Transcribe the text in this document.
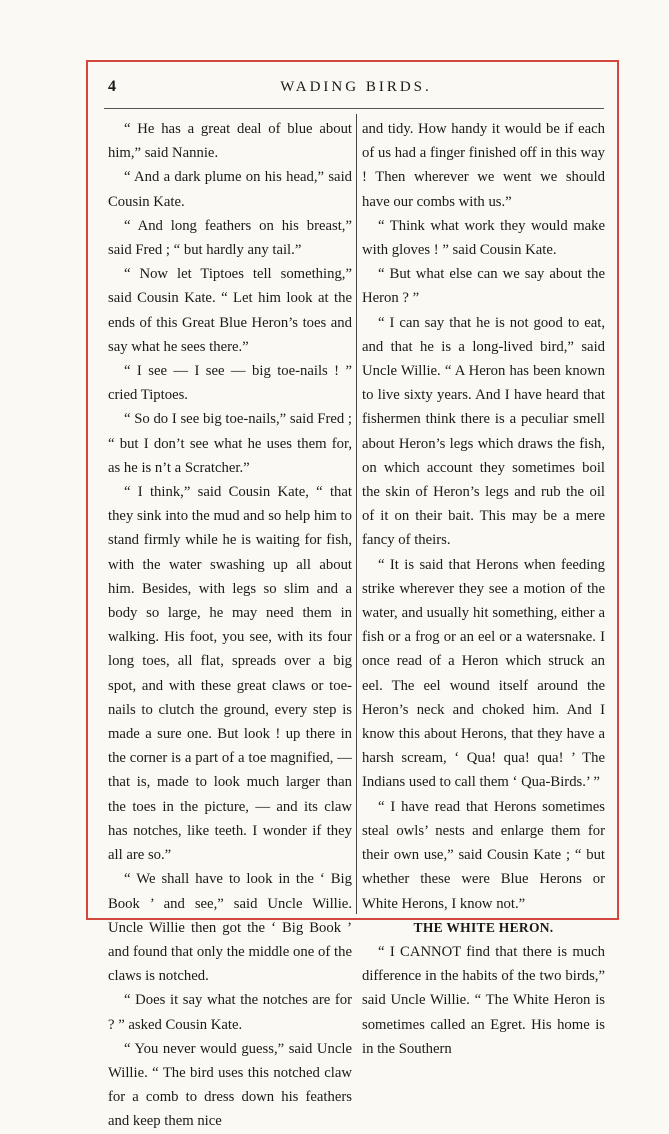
4	WADING BIRDS.

“ He has a great deal of blue about him,” said Nannie.

“ And a dark plume on his head,” said Cousin Kate.

“ And long feathers on his breast,” said Fred ; “ but hardly any tail.”

“ Now let Tiptoes tell something,” said Cousin Kate. “ Let him look at the ends of this Great Blue Heron’s toes and say what he sees there.”

“ I see — I see — big toe-nails ! ” cried Tiptoes.

“ So do I see big toe-nails,” said Fred ; “ but I don’t see what he uses them for, as he is n’t a Scratcher.”

“ I think,” said Cousin Kate, “ that they sink into the mud and so help him to stand firmly while he is waiting for fish, with the water swashing up all about him. Besides, with legs so slim and a body so large, he may need them in walking. His foot, you see, with its four long toes, all flat, spreads over a big spot, and with these great claws or toe-nails to clutch the ground, every step is made a sure one. But look ! up there in the corner is a part of a toe magnified, — that is, made to look much larger than the toes in the picture, — and its claw has notches, like teeth. I wonder if they all are so.”

“ We shall have to look in the ‘ Big Book ’ and see,” said Uncle Willie. Uncle Willie then got the ‘ Big Book ’ and found that only the middle one of the claws is notched.

“ Does it say what the notches are for ? ” asked Cousin Kate.

“ You never would guess,” said Uncle Willie. “ The bird uses this notched claw for a comb to dress down his feathers and keep them nice

and tidy. How handy it would be if each of us had a finger finished off in this way ! Then wherever we went we should have our combs with us.”

“ Think what work they would make with gloves ! ” said Cousin Kate.

“ But what else can we say about the Heron ? ”

“ I can say that he is not good to eat, and that he is a long-lived bird,” said Uncle Willie. “ A Heron has been known to live sixty years. And I have heard that fishermen think there is a peculiar smell about Heron’s legs which draws the fish, on which account they sometimes boil the skin of Heron’s legs and rub the oil of it on their bait. This may be a mere fancy of theirs.

“ It is said that Herons when feeding strike wherever they see a motion of the water, and usually hit something, either a fish or a frog or an eel or a watersnake. I once read of a Heron which struck an eel. The eel wound itself around the Heron’s neck and choked him. And I know this about Herons, that they have a harsh scream, ‘ Qua! qua! qua! ’ The Indians used to call them ‘ Qua-Birds.’ ”

“ I have read that Herons sometimes steal owls’ nests and enlarge them for their own use,” said Cousin Kate ; “ but whether these were Blue Herons or White Herons, I know not.”

THE WHITE HERON.

“ I CANNOT find that there is much difference in the habits of the two birds,” said Uncle Willie. “ The White Heron is sometimes called an Egret. His home is in the Southern
